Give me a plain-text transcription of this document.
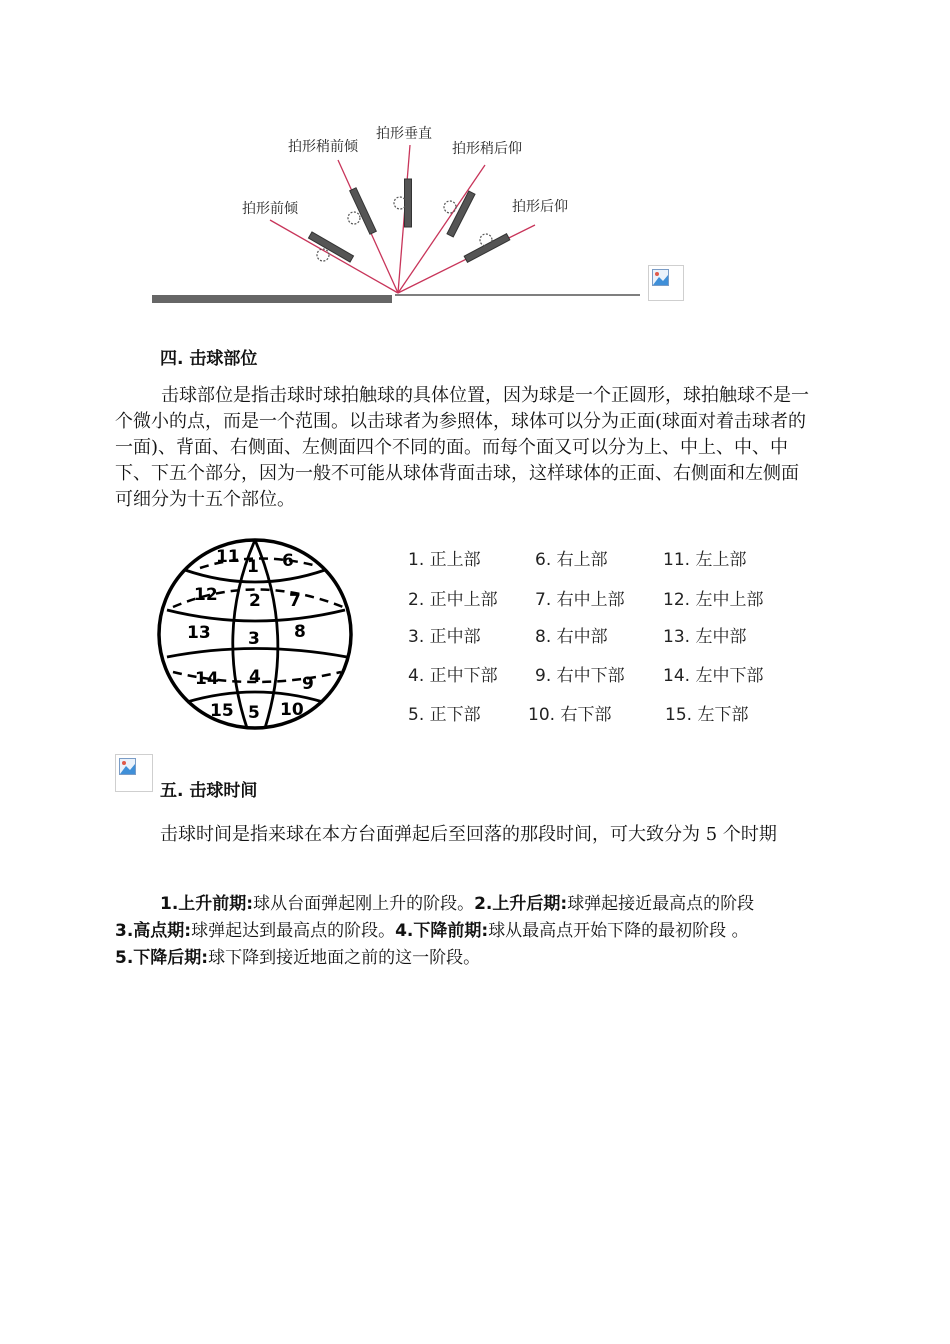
拍形前倾
拍形稍前倾
拍形垂直
拍形稍后仰
拍形后仰
四. 击球部位
击球部位是指击球时球拍触球的具体位置，因为球是一个正圆形，球拍触球不是一个微小的点，而是一个范围。以击球者为参照体，球体可以分为正面(球面对着击球者的一面)、背面、右侧面、左侧面四个不同的面。而每个面又可以分为上、中上、中、中下、下五个部分，因为一般不可能从球体背面击球，这样球体的正面、右侧面和左侧面可细分为十五个部位。
1
2
3
4
5
6
7
8
9
10
11
12
13
14
15
1. 正上部	6. 右上部	11. 左上部
2. 正中上部 7. 右中上部 12. 左中上部
3. 正中部	8. 右中部	13. 左中部
4. 正中下部 9. 右中下部 14. 左中下部
5. 正下部	10. 右下部	15. 左下部
五. 击球时间
击球时间是指来球在本方台面弹起后至回落的那段时间，可大致分为 5 个时期
1.上升前期:球从台面弹起刚上升的阶段。2.上升后期:球弹起接近最高点的阶段
3.高点期:球弹起达到最高点的阶段。4.下降前期:球从最高点开始下降的最初阶段 。
5.下降后期:球下降到接近地面之前的这一阶段。
